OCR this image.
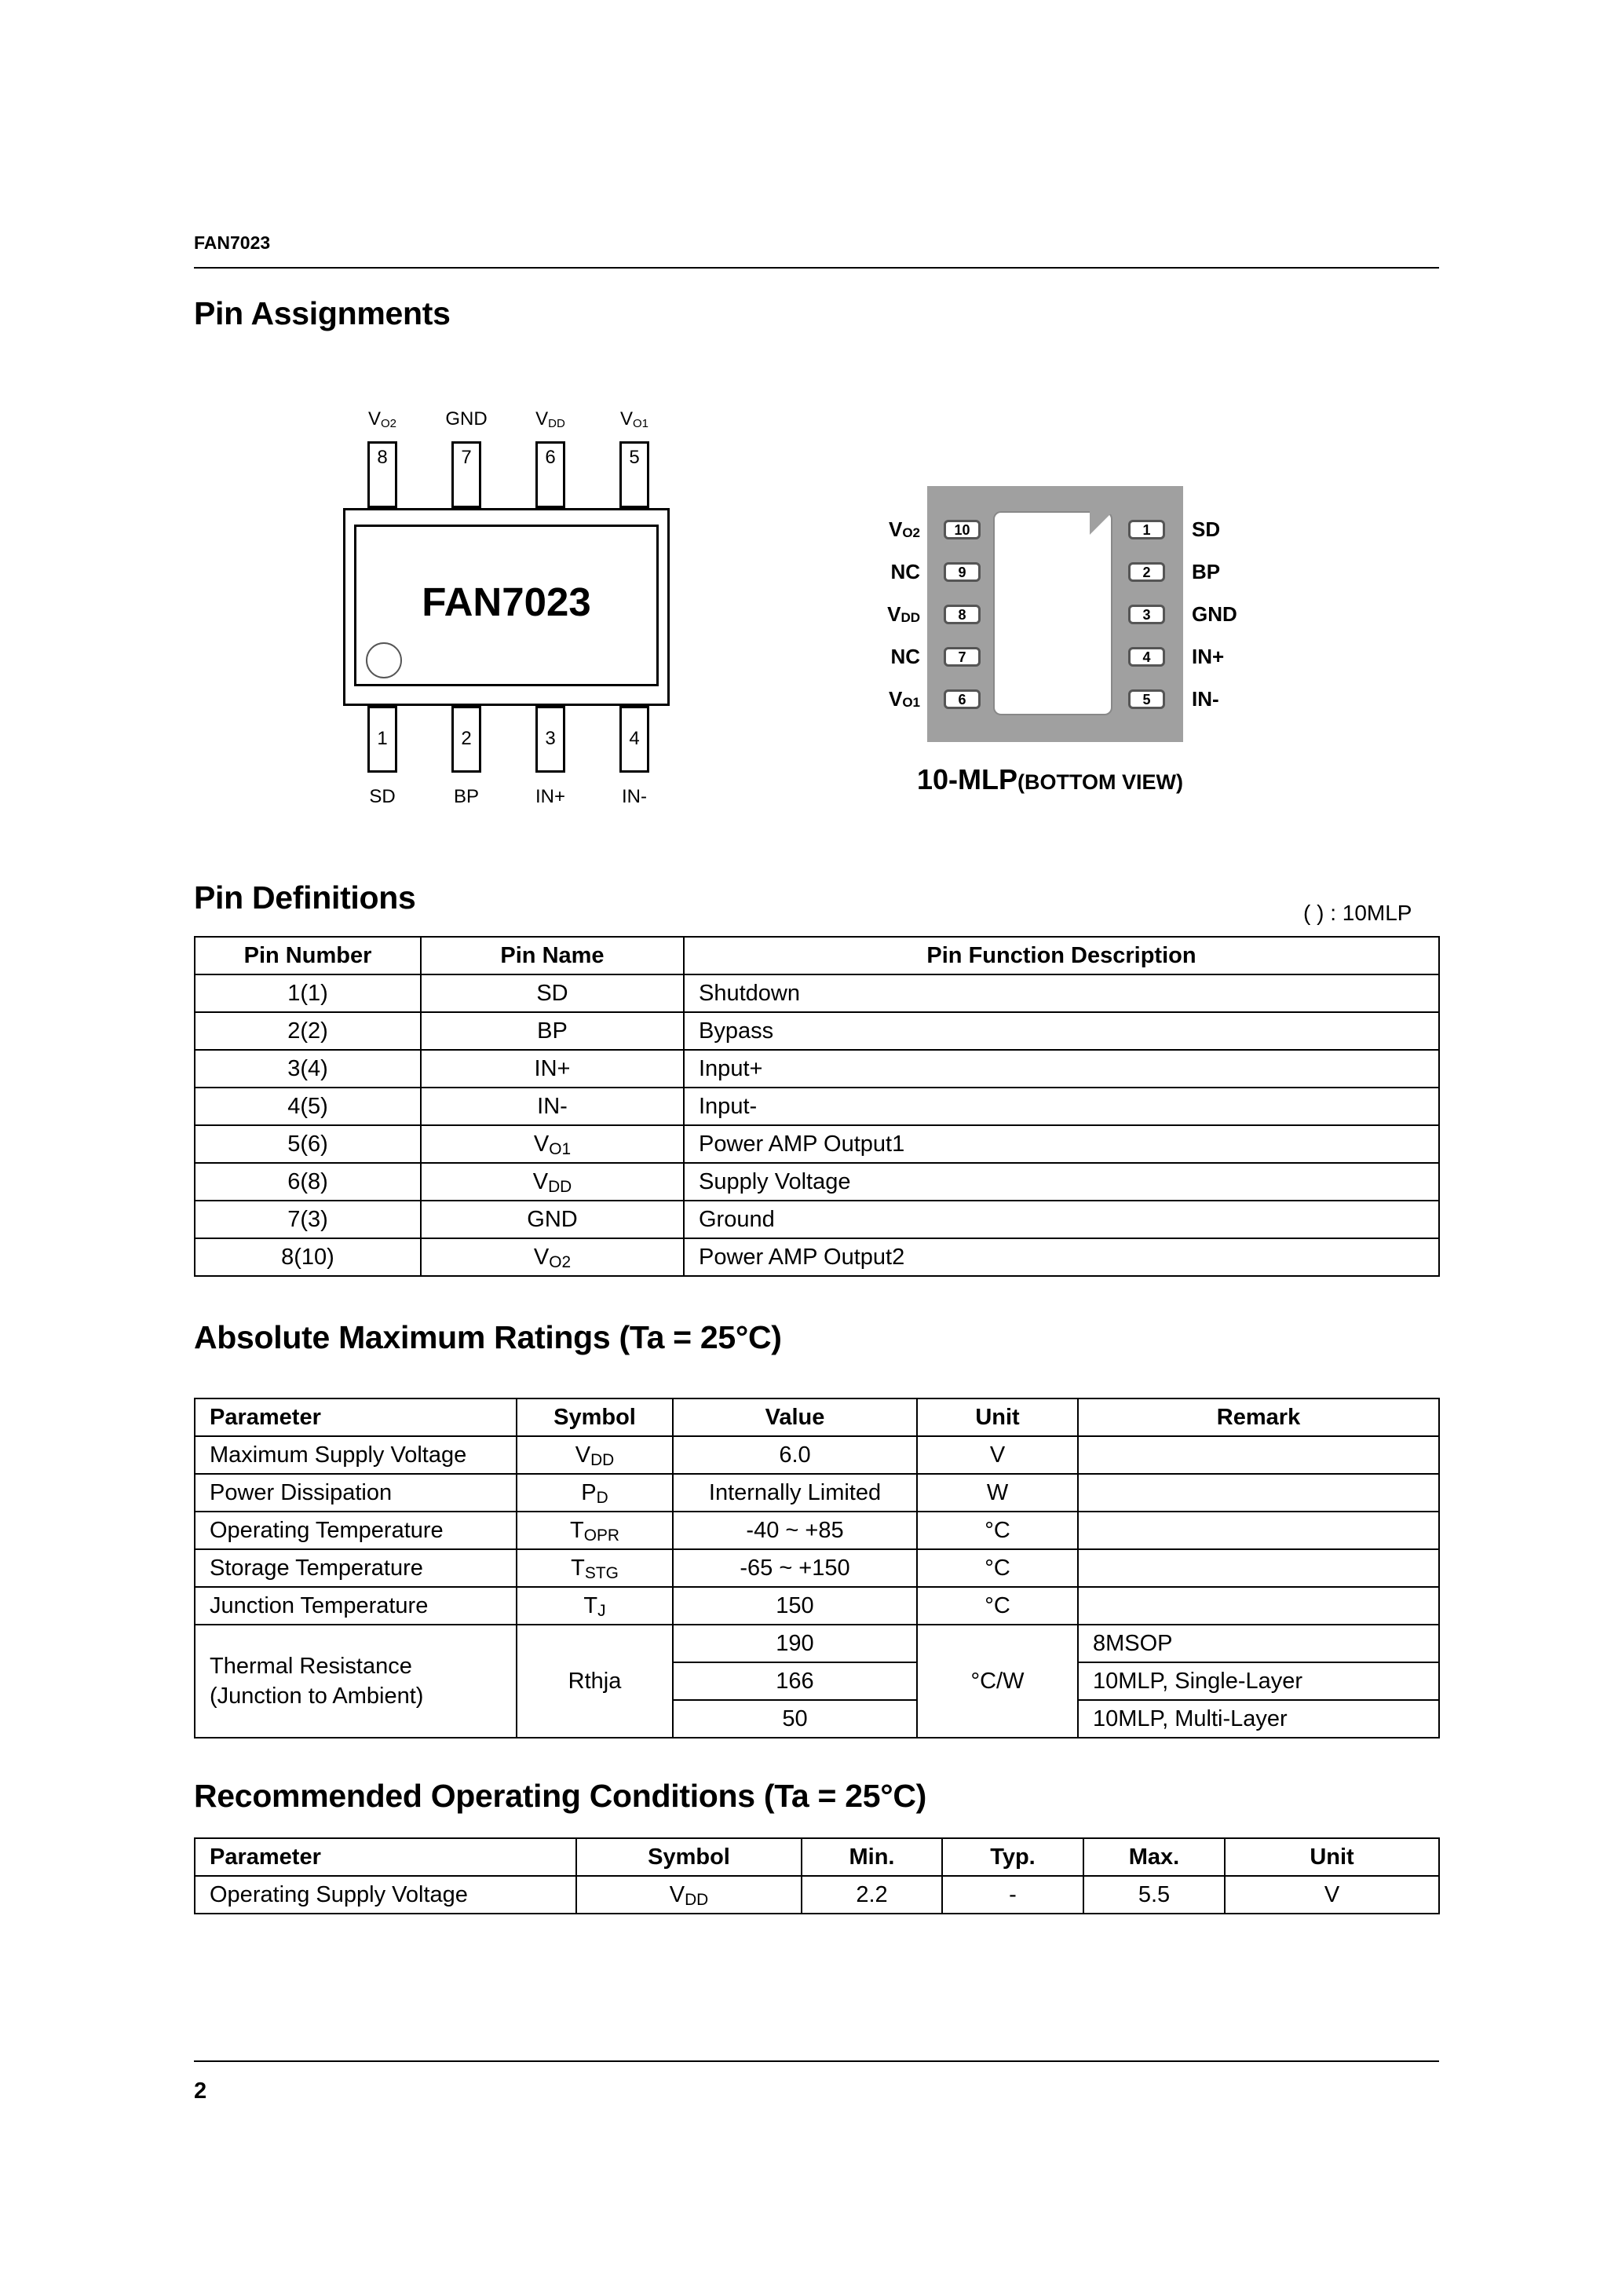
FAN7023
Pin Assignments
$V_{O2}$	GND	$V_{DD}$	$V_{O1}$
8	7	6	5
FAN7023
1	2	3	4
SD	BP	IN+	IN-
10
9
8
7
6
1
2
3
4
5
$V_{O2}$
NC
$V_{DD}$
NC
$V_{O1}$
SD
BP
GND
IN+
IN-
10-MLP(BOTTOM VIEW)
Pin Definitions	( ) : 10MLP
Pin Number	Pin Name	Pin Function Description
1(1)	SD	Shutdown
2(2)	BP	Bypass
3(4)	IN+	Input+
4(5)	IN-	Input-
5(6)	$V_{O1}$	Power AMP Output1
6(8)	$V_{DD}$	Supply Voltage
7(3)	GND	Ground
8(10)	$V_{O2}$	Power AMP Output2
Absolute Maximum Ratings (Ta = 25°C)
Parameter	Symbol	Value	Unit	Remark
Maximum Supply Voltage	$V_{DD}$	6.0	V	
Power Dissipation	$P_D$	Internally Limited	W	
Operating Temperature	$T_{OPR}$	-40 ~ +85	°C	
Storage Temperature	$T_{STG}$	-65 ~ +150	°C	
Junction Temperature	$T_J$	150	°C	
Thermal Resistance
(Junction to Ambient)	Rthja	190	°C/W	8MSOP
		166		10MLP, Single-Layer
		50		10MLP, Multi-Layer
Recommended Operating Conditions (Ta = 25°C)
Parameter	Symbol	Min.	Typ.	Max.	Unit
Operating Supply Voltage	$V_{DD}$	2.2	-	5.5	V
2
